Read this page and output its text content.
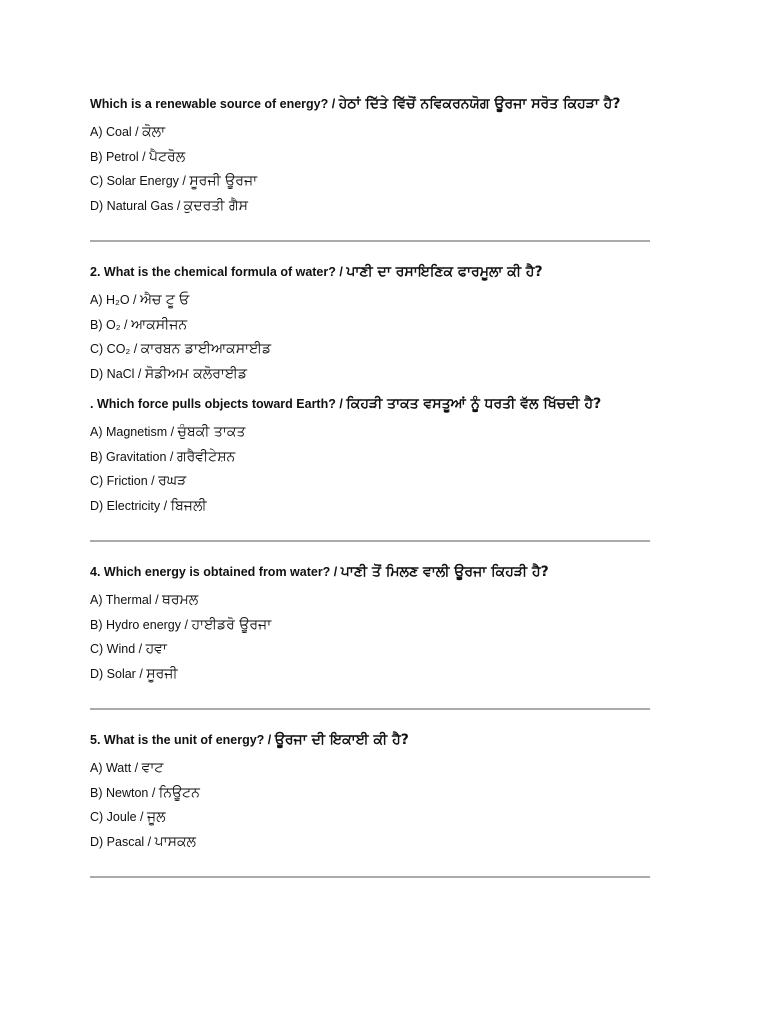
Which is a renewable source of energy? / ਹੇਠਾਂ ਦਿੱਤੇ ਵਿੱਚੋਂ ਨਵਿਕਰਨਯੋਗ ਊਰਜਾ ਸਰੋਤ ਕਿਹੜਾ ਹੈ?

A) Coal / ਕੋਲਾ
B) Petrol / ਪੈਟਰੋਲ
C) Solar Energy / ਸੂਰਜੀ ਊਰਜਾ
D) Natural Gas / ਕੁਦਰਤੀ ਗੈਸ

2. What is the chemical formula of water? / ਪਾਣੀ ਦਾ ਰਸਾਇਣਿਕ ਫਾਰਮੂਲਾ ਕੀ ਹੈ?

A) H₂O / ਐਚ ਟੂ ਓ
B) O₂ / ਆਕਸੀਜਨ
C) CO₂ / ਕਾਰਬਨ ਡਾਈਆਕਸਾਈਡ
D) NaCl / ਸੋਡੀਅਮ ਕਲੋਰਾਈਡ

. Which force pulls objects toward Earth? / ਕਿਹੜੀ ਤਾਕਤ ਵਸਤੂਆਂ ਨੂੰ ਧਰਤੀ ਵੱਲ ਖਿੱਚਦੀ ਹੈ?

A) Magnetism / ਚੁੰਬਕੀ ਤਾਕਤ
B) Gravitation / ਗਰੈਵੀਟੇਸ਼ਨ
C) Friction / ਰਘੜ
D) Electricity / ਬਿਜਲੀ

4. Which energy is obtained from water? / ਪਾਣੀ ਤੋਂ ਮਿਲਣ ਵਾਲੀ ਊਰਜਾ ਕਿਹੜੀ ਹੈ?

A) Thermal / ਥਰਮਲ
B) Hydro energy / ਹਾਈਡਰੋ ਊਰਜਾ
C) Wind / ਹਵਾ
D) Solar / ਸੂਰਜੀ

5. What is the unit of energy? / ਊਰਜਾ ਦੀ ਇਕਾਈ ਕੀ ਹੈ?

A) Watt / ਵਾਟ
B) Newton / ਨਿਊਟਨ
C) Joule / ਜੂਲ
D) Pascal / ਪਾਸਕਲ
